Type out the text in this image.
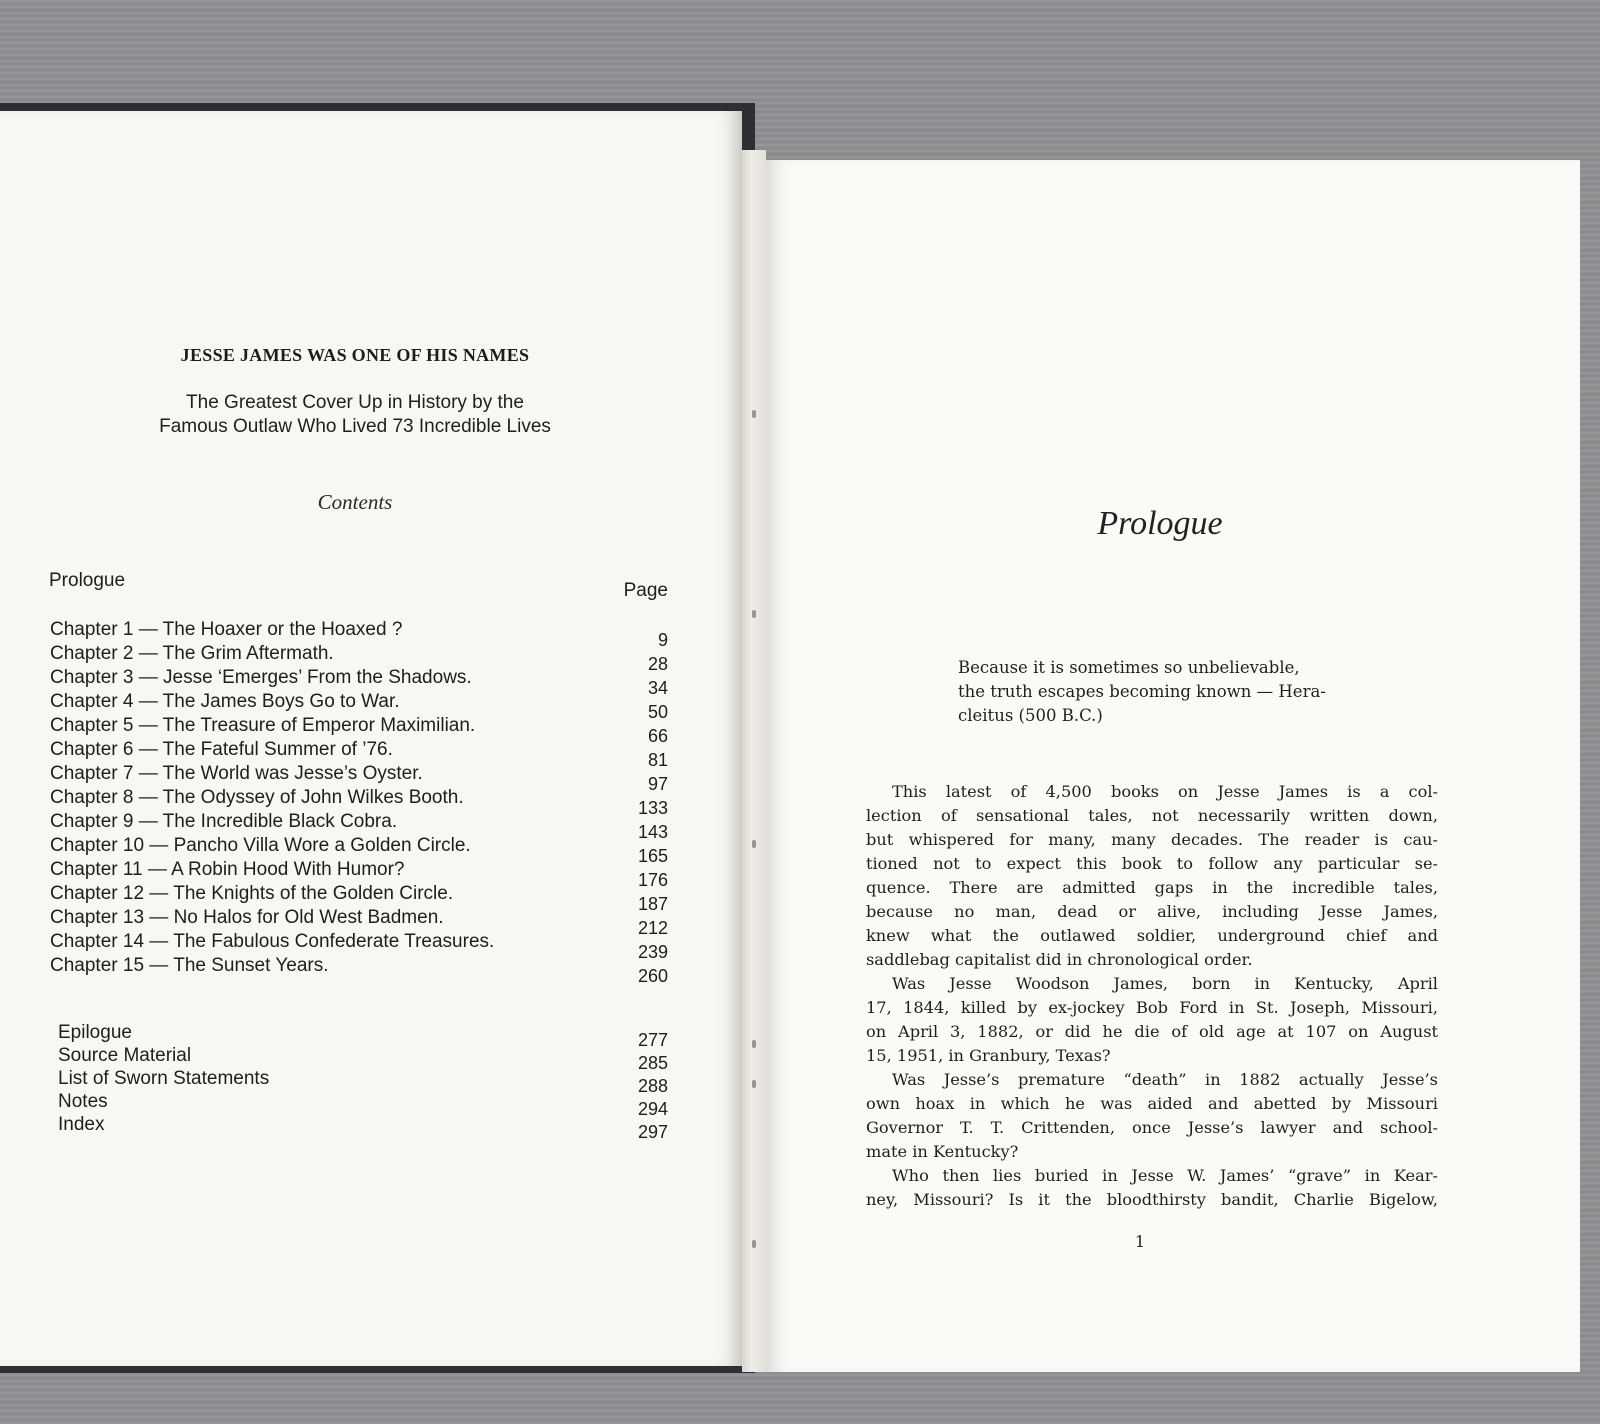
JESSE JAMES WAS ONE OF HIS NAMES
The Greatest Cover Up in History by the
Famous Outlaw Who Lived 73 Incredible Lives
Contents
Prologue	Page
Chapter 1 — The Hoaxer or the Hoaxed ?	9
Chapter 2 — The Grim Aftermath.	28
Chapter 3 — Jesse ‘Emerges’ From the Shadows.	34
Chapter 4 — The James Boys Go to War.	50
Chapter 5 — The Treasure of Emperor Maximilian.	66
Chapter 6 — The Fateful Summer of ’76.	81
Chapter 7 — The World was Jesse’s Oyster.	97
Chapter 8 — The Odyssey of John Wilkes Booth.	133
Chapter 9 — The Incredible Black Cobra.	143
Chapter 10 — Pancho Villa Wore a Golden Circle.	165
Chapter 11 — A Robin Hood With Humor?	176
Chapter 12 — The Knights of the Golden Circle.	187
Chapter 13 — No Halos for Old West Badmen.	212
Chapter 14 — The Fabulous Confederate Treasures.	239
Chapter 15 — The Sunset Years.	260
Epilogue	277
Source Material	285
List of Sworn Statements	288
Notes	294
Index	297
Prologue
Because it is sometimes so unbelievable,
the truth escapes becoming known — Hera-
cleitus (500 B.C.)
This latest of 4,500 books on Jesse James is a col-
lection of sensational tales, not necessarily written down,
but whispered for many, many decades. The reader is cau-
tioned not to expect this book to follow any particular se-
quence. There are admitted gaps in the incredible tales,
because no man, dead or alive, including Jesse James,
knew what the outlawed soldier, underground chief and
saddlebag capitalist did in chronological order.
Was Jesse Woodson James, born in Kentucky, April
17, 1844, killed by ex-jockey Bob Ford in St. Joseph, Missouri,
on April 3, 1882, or did he die of old age at 107 on August
15, 1951, in Granbury, Texas?
Was Jesse’s premature “death” in 1882 actually Jesse’s
own hoax in which he was aided and abetted by Missouri
Governor T. T. Crittenden, once Jesse’s lawyer and school-
mate in Kentucky?
Who then lies buried in Jesse W. James’ “grave” in Kear-
ney, Missouri? Is it the bloodthirsty bandit, Charlie Bigelow,
1
